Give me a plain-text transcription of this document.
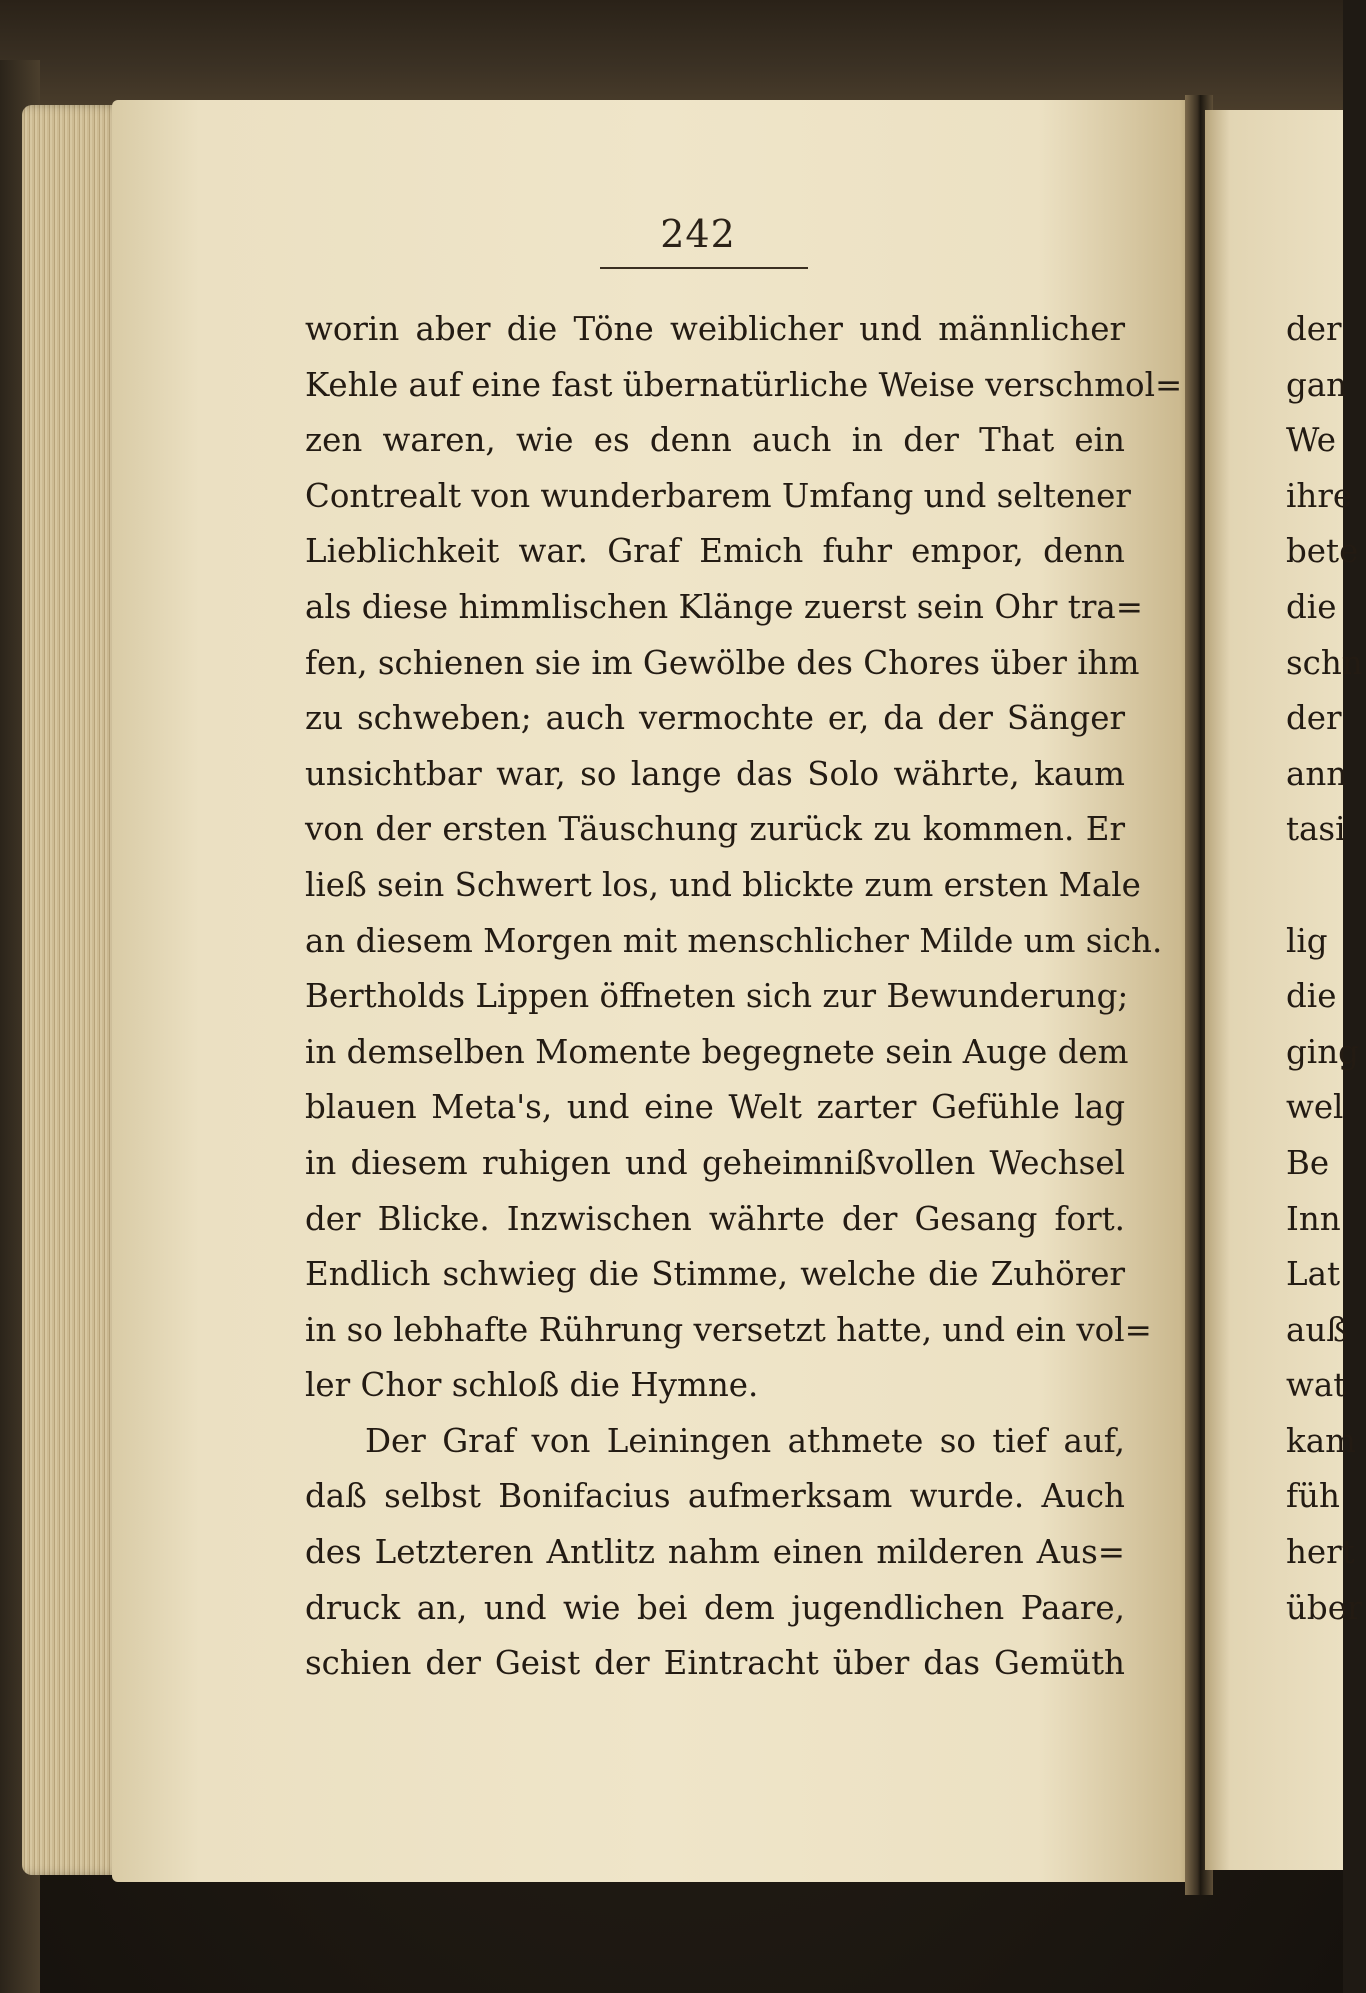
242
worin aber die Töne weiblicher und männlicher
Kehle auf eine fast übernatürliche Weise verschmol=
zen waren, wie es denn auch in der That ein
Contrealt von wunderbarem Umfang und seltener
Lieblichkeit war. Graf Emich fuhr empor, denn
als diese himmlischen Klänge zuerst sein Ohr tra=
fen, schienen sie im Gewölbe des Chores über ihm
zu schweben; auch vermochte er, da der Sänger
unsichtbar war, so lange das Solo währte, kaum
von der ersten Täuschung zurück zu kommen. Er
ließ sein Schwert los, und blickte zum ersten Male
an diesem Morgen mit menschlicher Milde um sich.
Bertholds Lippen öffneten sich zur Bewunderung;
in demselben Momente begegnete sein Auge dem
blauen Meta's, und eine Welt zarter Gefühle lag
in diesem ruhigen und geheimnißvollen Wechsel
der Blicke. Inzwischen währte der Gesang fort.
Endlich schwieg die Stimme, welche die Zuhörer
in so lebhafte Rührung versetzt hatte, und ein vol=
ler Chor schloß die Hymne.
Der Graf von Leiningen athmete so tief auf,
daß selbst Bonifacius aufmerksam wurde. Auch
des Letzteren Antlitz nahm einen milderen Aus=
druck an, und wie bei dem jugendlichen Paare,
schien der Geist der Eintracht über das Gemüth
der
gan
We
ihre
bete
die
schn
der
ann
tasi
lig
die
ging
wel
Be
Inn
Lat
auß
wat
kam
füh
hert
über
